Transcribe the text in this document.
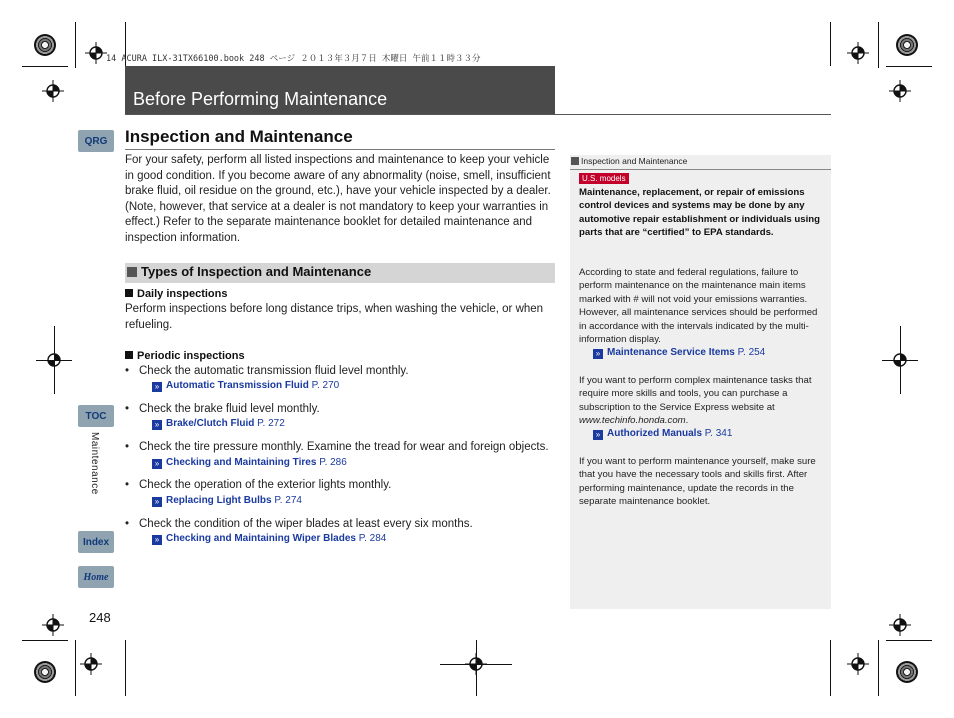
14 ACURA ILX-31TX66100.book 248 ページ ２０１３年３月７日 木曜日 午前１１時３３分
Before Performing Maintenance
QRG
TOC
Maintenance
Index
Home
248
Inspection and Maintenance
For your safety, perform all listed inspections and maintenance to keep your vehicle in good condition. If you become aware of any abnormality (noise, smell, insufficient brake fluid, oil residue on the ground, etc.), have your vehicle inspected by a dealer. (Note, however, that service at a dealer is not mandatory to keep your warranties in effect.) Refer to the separate maintenance booklet for detailed maintenance and inspection information.
Types of Inspection and Maintenance
Daily inspections
Perform inspections before long distance trips, when washing the vehicle, or when refueling.
Periodic inspections
• Check the automatic transmission fluid level monthly.
» Automatic Transmission Fluid P. 270
• Check the brake fluid level monthly.
» Brake/Clutch Fluid P. 272
• Check the tire pressure monthly. Examine the tread for wear and foreign objects.
» Checking and Maintaining Tires P. 286
• Check the operation of the exterior lights monthly.
» Replacing Light Bulbs P. 274
• Check the condition of the wiper blades at least every six months.
» Checking and Maintaining Wiper Blades P. 284
Inspection and Maintenance
U.S. models
Maintenance, replacement, or repair of emissions control devices and systems may be done by any automotive repair establishment or individuals using parts that are “certified” to EPA standards.
According to state and federal regulations, failure to perform maintenance on the maintenance main items marked with # will not void your emissions warranties. However, all maintenance services should be performed in accordance with the intervals indicated by the multi-information display.
» Maintenance Service Items P. 254
If you want to perform complex maintenance tasks that require more skills and tools, you can purchase a subscription to the Service Express website at www.techinfo.honda.com.
» Authorized Manuals P. 341
If you want to perform maintenance yourself, make sure that you have the necessary tools and skills first. After performing maintenance, update the records in the separate maintenance booklet.
